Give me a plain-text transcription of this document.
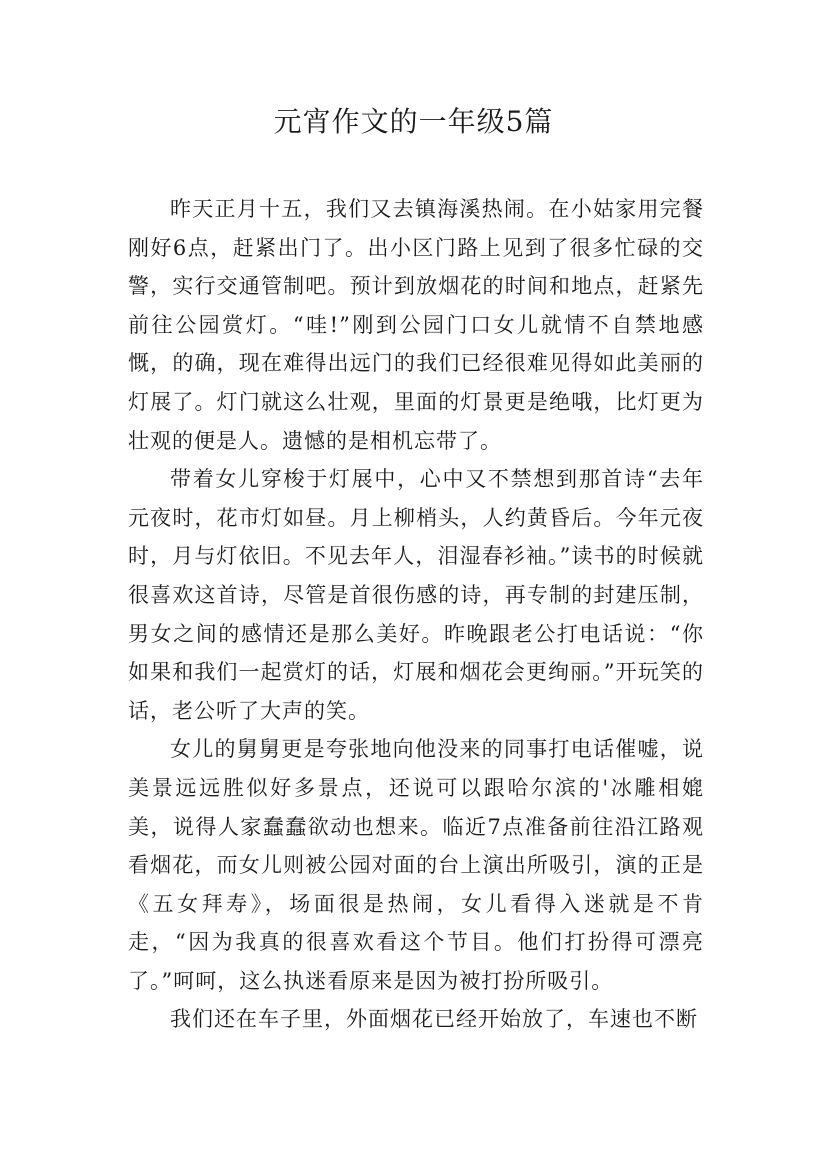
元宵作文的一年级5篇

昨天正月十五，我们又去镇海溪热闹。在小姑家用完餐刚好6点，赶紧出门了。出小区门路上见到了很多忙碌的交警，实行交通管制吧。预计到放烟花的时间和地点，赶紧先前往公园赏灯。“哇!”刚到公园门口女儿就情不自禁地感慨，的确，现在难得出远门的我们已经很难见得如此美丽的灯展了。灯门就这么壮观，里面的灯景更是绝哦，比灯更为壮观的便是人。遗憾的是相机忘带了。

带着女儿穿梭于灯展中，心中又不禁想到那首诗“去年元夜时，花市灯如昼。月上柳梢头，人约黄昏后。今年元夜时，月与灯依旧。不见去年人，泪湿春衫袖。”读书的时候就很喜欢这首诗，尽管是首很伤感的诗，再专制的封建压制，男女之间的感情还是那么美好。昨晚跟老公打电话说：“你如果和我们一起赏灯的话，灯展和烟花会更绚丽。”开玩笑的话，老公听了大声的笑。

女儿的舅舅更是夸张地向他没来的同事打电话催嘘，说美景远远胜似好多景点，还说可以跟哈尔滨的'冰雕相媲美，说得人家蠢蠢欲动也想来。临近7点准备前往沿江路观看烟花，而女儿则被公园对面的台上演出所吸引，演的正是《五女拜寿》，场面很是热闹，女儿看得入迷就是不肯走，“因为我真的很喜欢看这个节目。他们打扮得可漂亮了。”呵呵，这么执迷看原来是因为被打扮所吸引。

我们还在车子里，外面烟花已经开始放了，车速也不断
